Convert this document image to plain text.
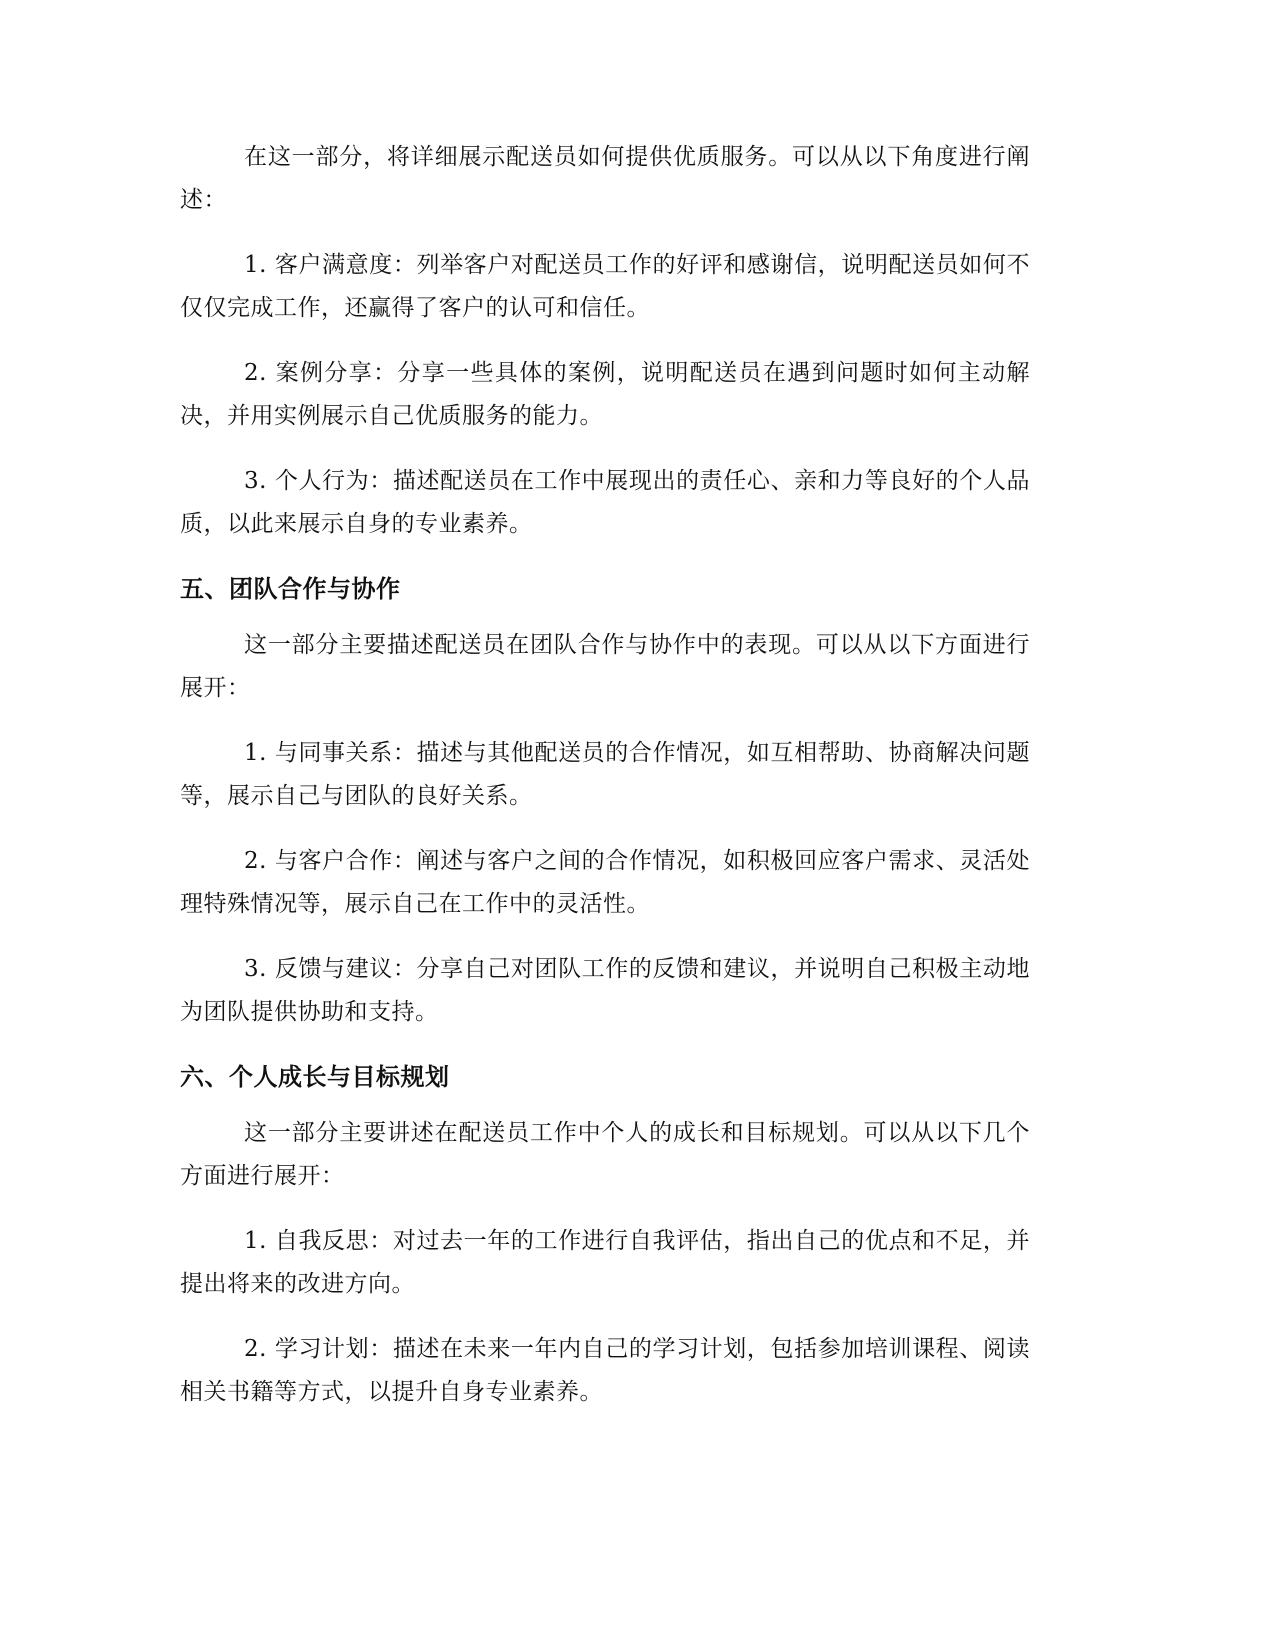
在这一部分，将详细展示配送员如何提供优质服务。可以从以下角度进行阐述：

1. 客户满意度：列举客户对配送员工作的好评和感谢信，说明配送员如何不仅仅完成工作，还赢得了客户的认可和信任。

2. 案例分享：分享一些具体的案例，说明配送员在遇到问题时如何主动解决，并用实例展示自己优质服务的能力。

3. 个人行为：描述配送员在工作中展现出的责任心、亲和力等良好的个人品质，以此来展示自身的专业素养。

五、团队合作与协作

这一部分主要描述配送员在团队合作与协作中的表现。可以从以下方面进行展开：

1. 与同事关系：描述与其他配送员的合作情况，如互相帮助、协商解决问题等，展示自己与团队的良好关系。

2. 与客户合作：阐述与客户之间的合作情况，如积极回应客户需求、灵活处理特殊情况等，展示自己在工作中的灵活性。

3. 反馈与建议：分享自己对团队工作的反馈和建议，并说明自己积极主动地为团队提供协助和支持。

六、个人成长与目标规划

这一部分主要讲述在配送员工作中个人的成长和目标规划。可以从以下几个方面进行展开：

1. 自我反思：对过去一年的工作进行自我评估，指出自己的优点和不足，并提出将来的改进方向。

2. 学习计划：描述在未来一年内自己的学习计划，包括参加培训课程、阅读相关书籍等方式，以提升自身专业素养。
